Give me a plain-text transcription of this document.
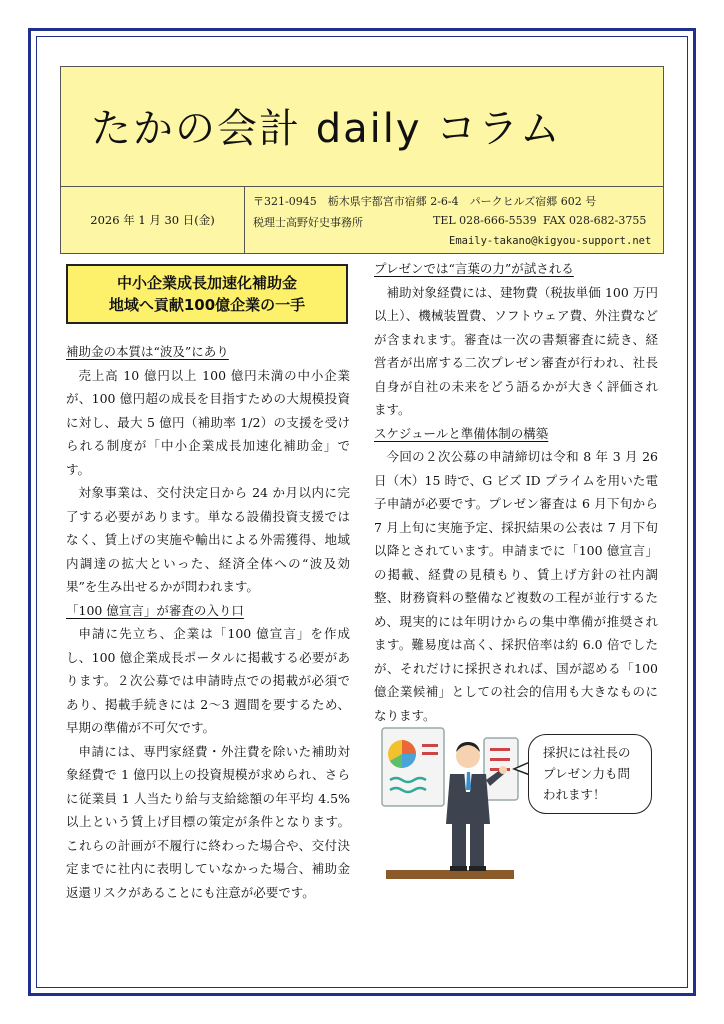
たかの会計 daily コラム
2026 年 1 月 30 日(金)
〒321-0945　栃木県宇都宮市宿郷 2-6-4　パークヒルズ宿郷 602 号
税理士高野好史事務所	TEL 028-666-5539 FAX 028-682-3755
Emaily-takano@kigyou-support.net
中小企業成長加速化補助金
地域へ貢献100億企業の一手
補助金の本質は“波及”にあり

売上高 10 億円以上 100 億円未満の中小企業が、100 億円超の成長を目指すための大規模投資に対し、最大 5 億円（補助率 1/2）の支援を受けられる制度が「中小企業成長加速化補助金」です。

対象事業は、交付決定日から 24 か月以内に完了する必要があります。単なる設備投資支援ではなく、賃上げの実施や輸出による外需獲得、地域内調達の拡大といった、経済全体への“波及効果”を生み出せるかが問われます。

「100 億宣言」が審査の入り口

申請に先立ち、企業は「100 億宣言」を作成し、100 億企業成長ポータルに掲載する必要があります。２次公募では申請時点での掲載が必須であり、掲載手続きには 2～3 週間を要するため、早期の準備が不可欠です。

申請には、専門家経費・外注費を除いた補助対象経費で 1 億円以上の投資規模が求められ、さらに従業員 1 人当たり給与支給総額の年平均 4.5%以上という賃上げ目標の策定が条件となります。これらの計画が不履行に終わった場合や、交付決定までに社内に表明していなかった場合、補助金返還リスクがあることにも注意が必要です。

プレゼンでは“言葉の力”が試される

補助対象経費には、建物費（税抜単価 100 万円以上）、機械装置費、ソフトウェア費、外注費などが含まれます。審査は一次の書類審査に続き、経営者が出席する二次プレゼン審査が行われ、社長自身が自社の未来をどう語るかが大きく評価されます。

スケジュールと準備体制の構築

今回の２次公募の申請締切は令和 8 年 3 月 26 日（木）15 時で、G ビズ ID プライムを用いた電子申請が必要です。プレゼン審査は 6 月下旬から 7 月上旬に実施予定、採択結果の公表は 7 月下旬以降とされています。申請までに「100 億宣言」の掲載、経費の見積もり、賃上げ方針の社内調整、財務資料の整備など複数の工程が並行するため、現実的には年明けからの集中準備が推奨されます。難易度は高く、採択倍率は約 6.0 倍でしたが、それだけに採択されれば、国が認める「100 億企業候補」としての社会的信用も大きなものになります。

採択には社長の
プレゼン力も問
われます！
